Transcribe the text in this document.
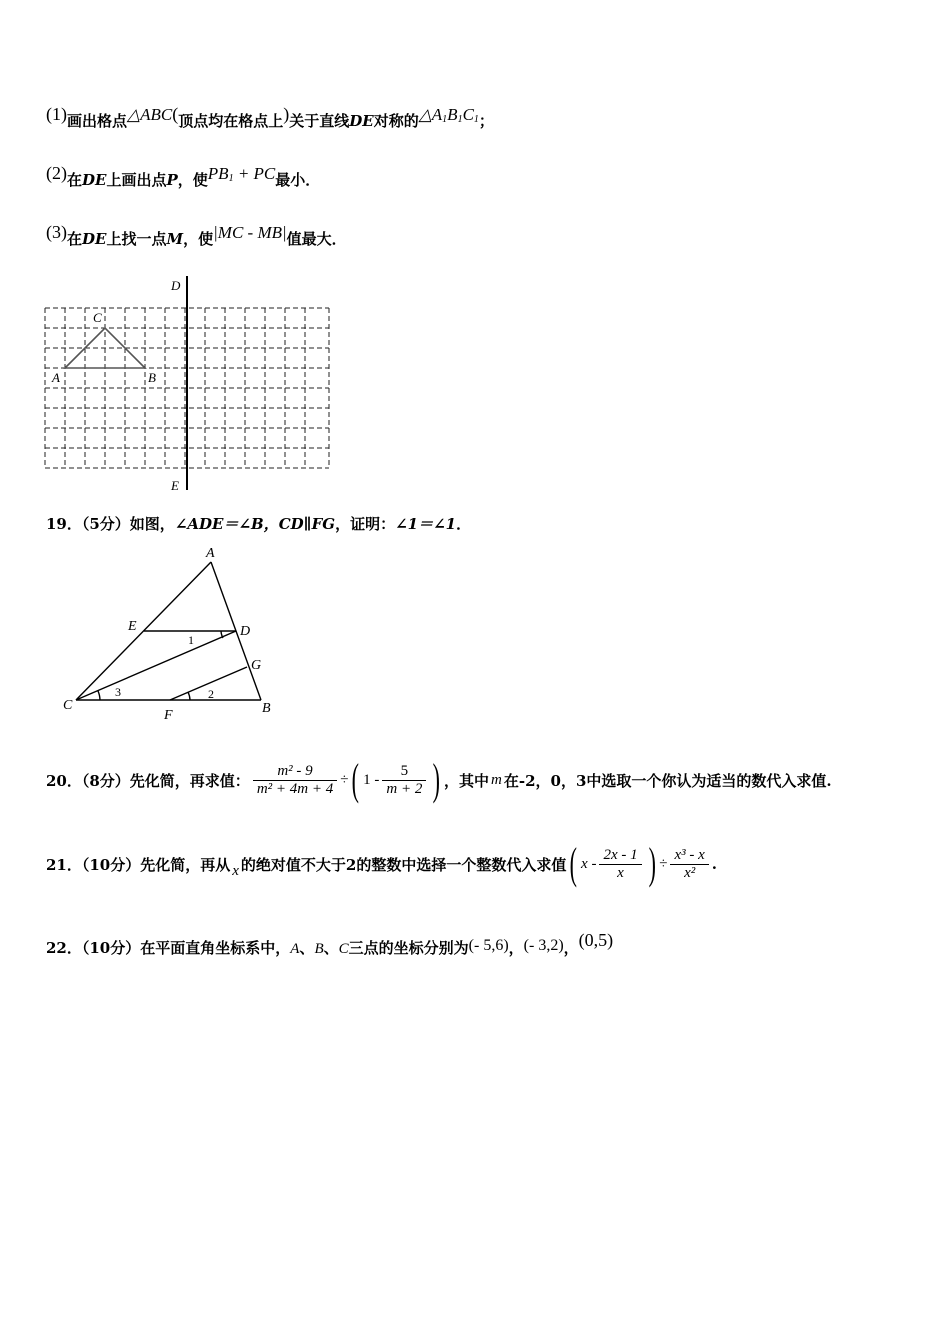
(1)画出格点△ABC(顶点均在格点上)关于直线DE对称的$\triangle A_1B_1C_1$；
(2)在DE上画出点P，使$PB_1$ + PC最小．
(3)在DE上找一点M，使|MC - MB|值最大．
D
E
C
A	B
19．（5分）如图，∠ADE＝∠B，CD∥FG，证明：∠1＝∠1．
A
E	D
G
C
F	B
1
2
3
20．（8分）先化简，再求值： $\frac{\text{m² - 9}}{\text{m² + 4m + 4}}$ ÷ ( $1 - \frac{5}{m + 2}$ ) ，其中 m 在-2，0，3中选取一个你认为适当的数代入求值.
21．（10分）先化简，再从 x 的绝对值不大于2的整数中选择一个整数代入求值 ( x - $\frac{2x - 1}{x}$ ) ÷ $\frac{\text{x³ - x}}{\text{x²}}$ .
22．（10分）在平面直角坐标系中，A、B、C三点的坐标分别为(- 5,6)，(- 3,2)，(0,5)
